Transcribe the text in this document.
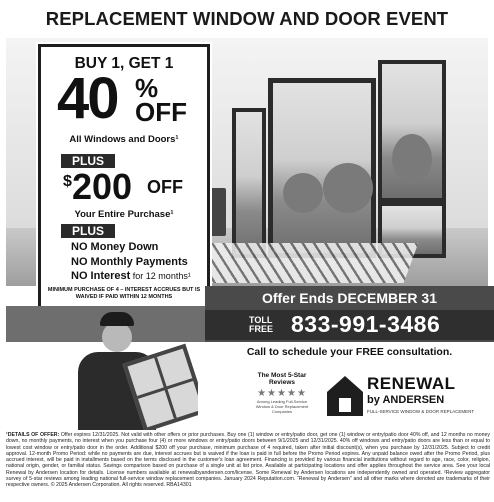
REPLACEMENT WINDOW AND DOOR EVENT
BUY 1, GET 1
40 %
OFF
All Windows and Doors¹
PLUS
$ 200 OFF
Your Entire Purchase¹
PLUS
NO Money Down
NO Monthly Payments
NO Interest for 12 months¹
MINIMUM PURCHASE OF 4 – INTEREST ACCRUES BUT IS WAIVED IF PAID WITHIN 12 MONTHS	Offer Ends DECEMBER 31
TOLL
FREE 833-991-3486
Call to schedule your FREE consultation.
The Most 5-Star Reviews
★★★★★
Among Leading Full-Service Window & Door Replacement Companies
RENEWAL
by ANDERSEN
FULL-SERVICE WINDOW & DOOR REPLACEMENT
¹DETAILS OF OFFER: Offer expires 12/31/2025. Not valid with other offers or prior purchases. Buy one (1) window or entry/patio door, get one (1) window or entry/patio door 40% off, and 12 months no money down, no monthly payments, no interest when you purchase four (4) or more windows or entry/patio doors between 9/1/2025 and 12/31/2025. 40% off windows and entry/patio doors are less than or equal to lowest cost window or entry/patio door in the order. Additional $200 off your purchase, minimum purchase of 4 required, taken after initial discount(s), when you purchase by 12/31/2025. Subject to credit approval. 12-month Promo Period: while no payments are due, interest accrues but is waived if the loan is paid in full before the Promo Period expires. Any unpaid balance owed after the Promo Period, plus accrued interest, will be paid in installments based on the terms disclosed in the customer's loan agreement. Financing is provided by various financial institutions without regard to age, race, color, religion, national origin, gender, or familial status. Savings comparison based on purchase of a single unit at list price. Available at participating locations and offer applies throughout the service area. See your local Renewal by Andersen location for details. License numbers available at renewalbyandersen.com/license. Some Renewal by Andersen locations are independently owned and operated. ²Review aggregator survey of 5-star reviews among leading national full-service window replacement companies. January 2024 Reputation.com. “Renewal by Andersen” and all other marks where denoted are trademarks of their respective owners. © 2025 Andersen Corporation. All rights reserved. RBA14301
